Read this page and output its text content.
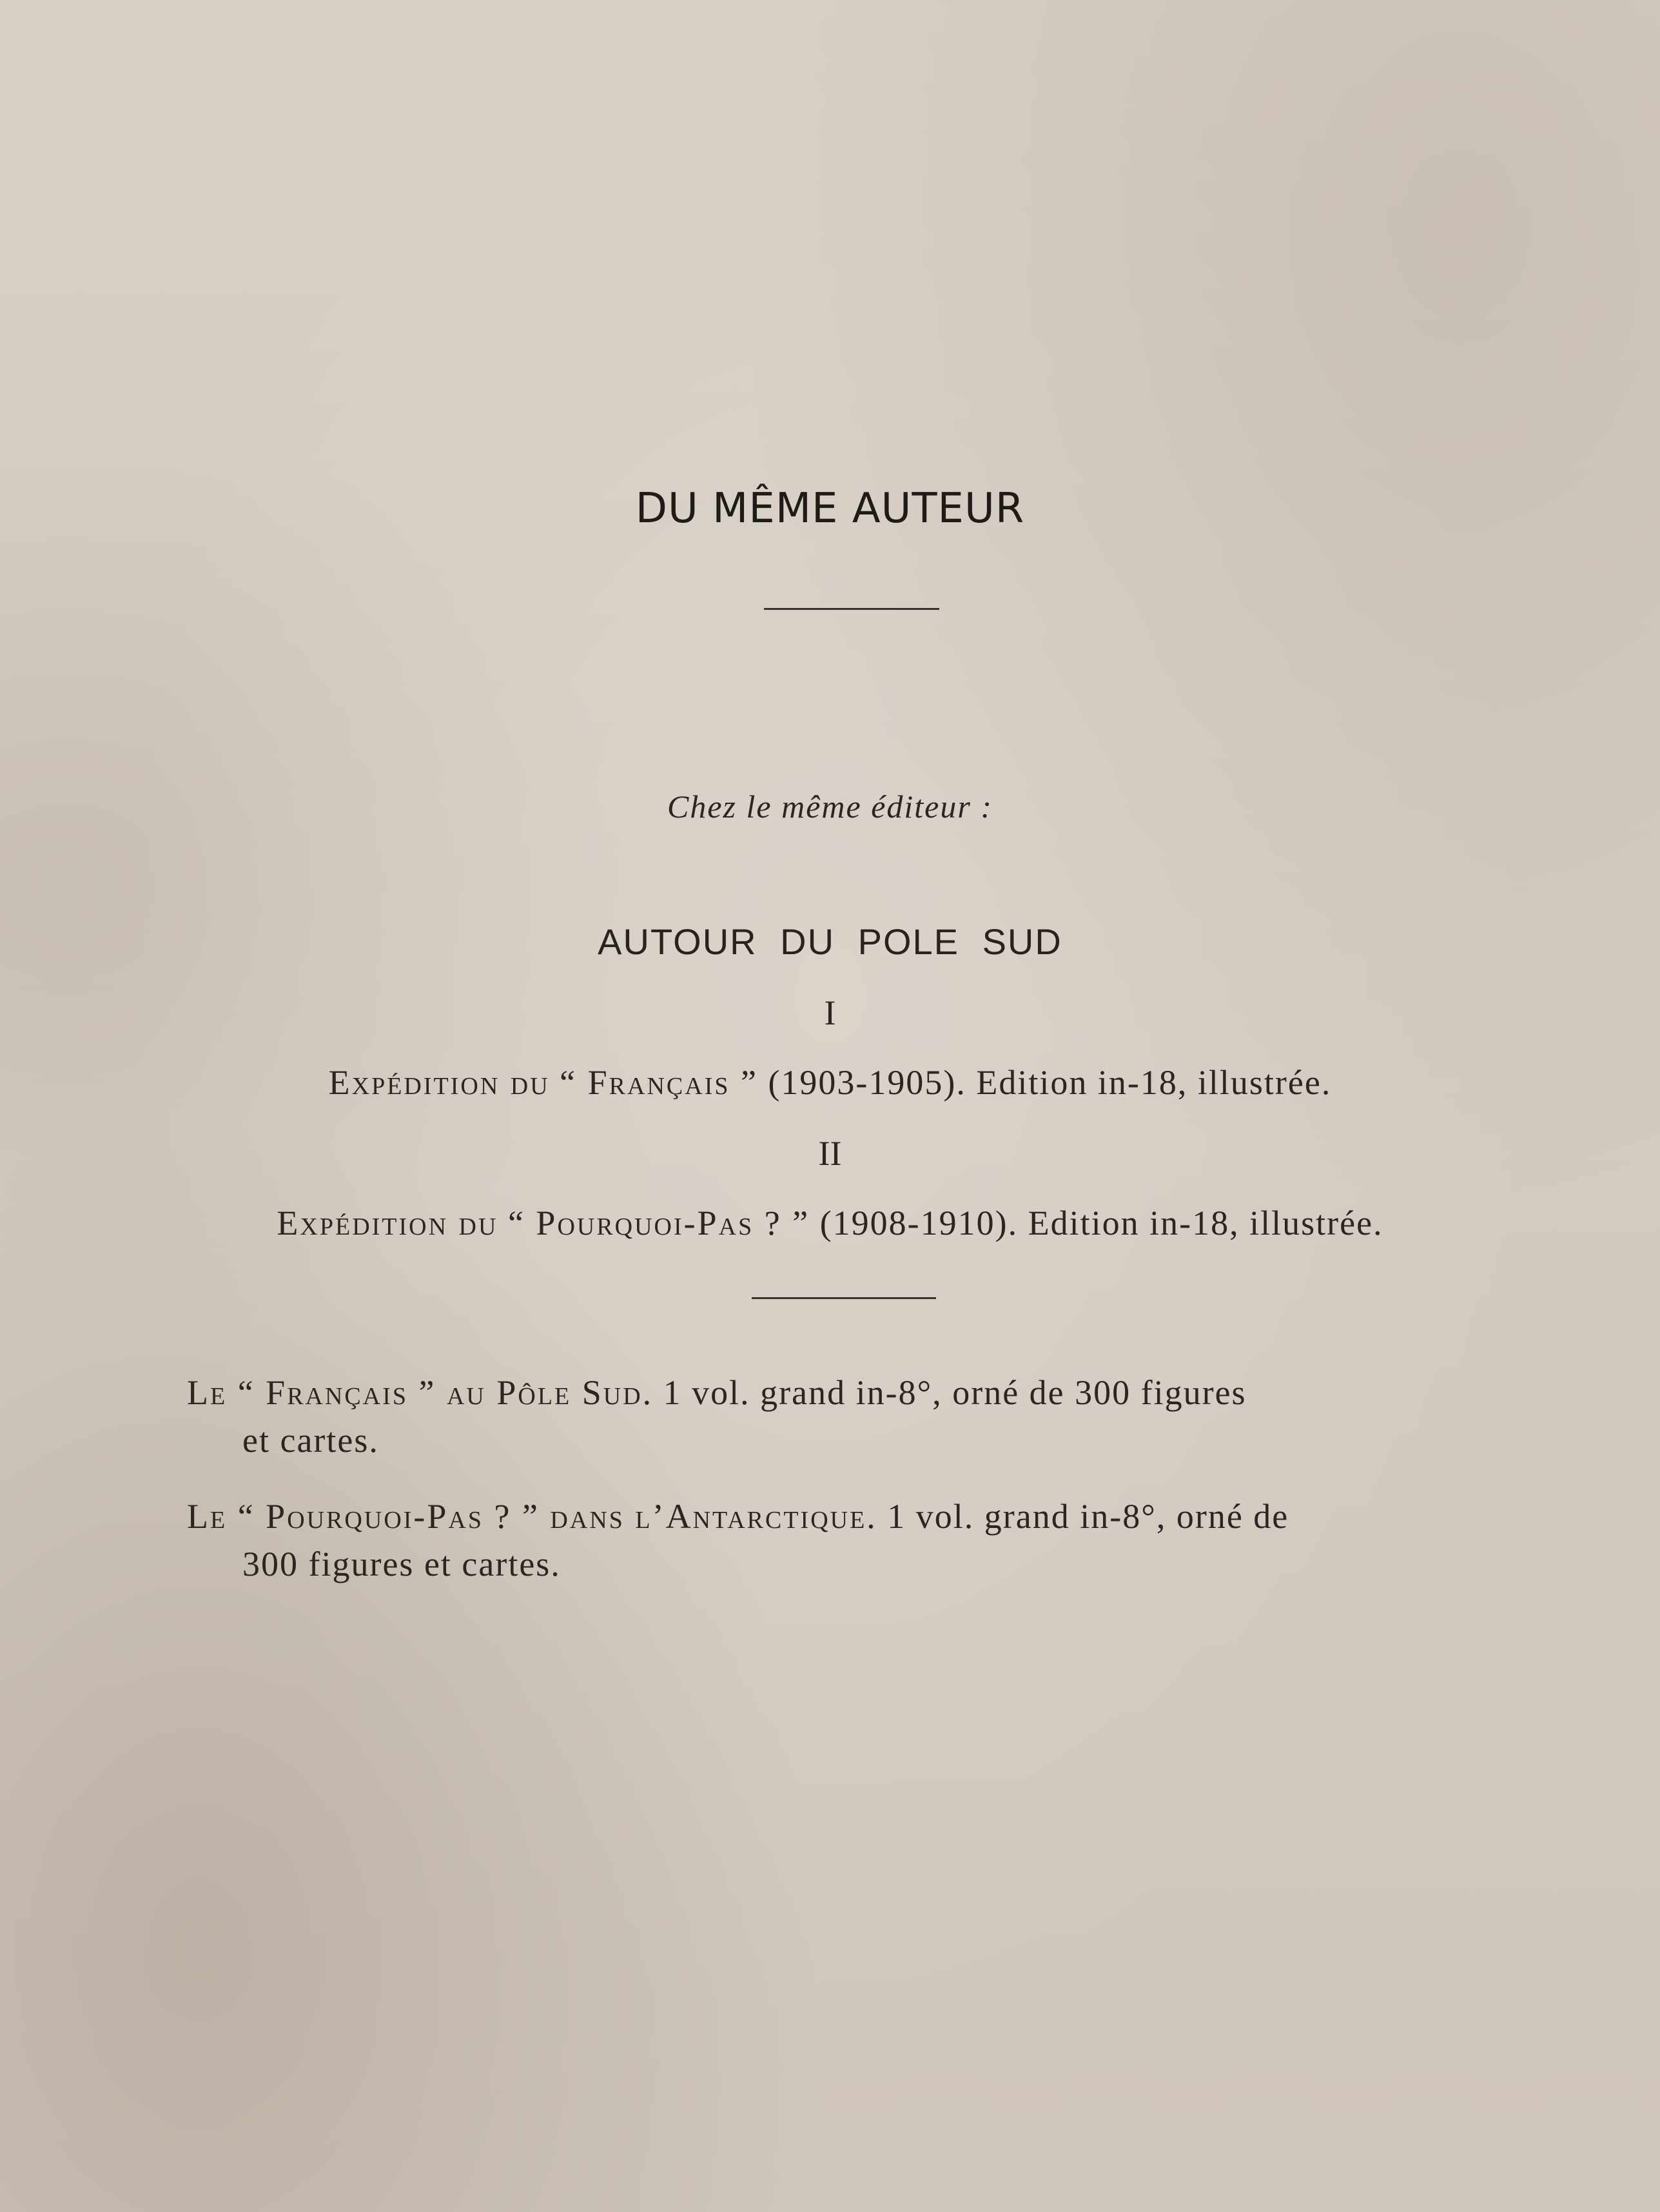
DU MÊME AUTEUR
Chez le même éditeur :
AUTOUR DU POLE SUD
I
Expédition du “ Français ” (1903-1905). Edition in-18, illustrée.
II
Expédition du “ Pourquoi-Pas ? ” (1908-1910). Edition in-18, illustrée.
Le “ Français ” au Pôle Sud. 1 vol. grand in-8°, orné de 300 figures
et cartes.
Le “ Pourquoi-Pas ? ” dans l’Antarctique. 1 vol. grand in-8°, orné de
300 figures et cartes.
